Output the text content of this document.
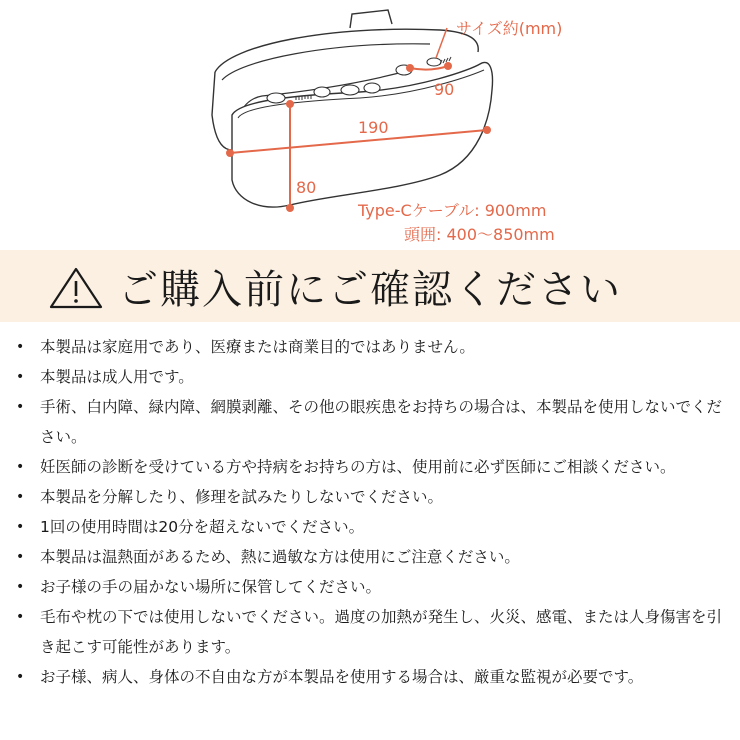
サイズ約(mm)
90
190
80
Type-Cケーブル: 900mm
頭囲: 400〜850mm
ご購入前にご確認ください
• 本製品は家庭用であり、医療または商業目的ではありません。
• 本製品は成人用です。
• 手術、白内障、緑内障、網膜剥離、その他の眼疾患をお持ちの場合は、本製品を使用しないでください。
• 妊医師の診断を受けている方や持病をお持ちの方は、使用前に必ず医師にご相談ください。
• 本製品を分解したり、修理を試みたりしないでください。
• 1回の使用時間は20分を超えないでください。
• 本製品は温熱面があるため、熱に過敏な方は使用にご注意ください。
• お子様の手の届かない場所に保管してください。
• 毛布や枕の下では使用しないでください。過度の加熱が発生し、火災、感電、または人身傷害を引き起こす可能性があります。
• お子様、病人、身体の不自由な方が本製品を使用する場合は、厳重な監視が必要です。
